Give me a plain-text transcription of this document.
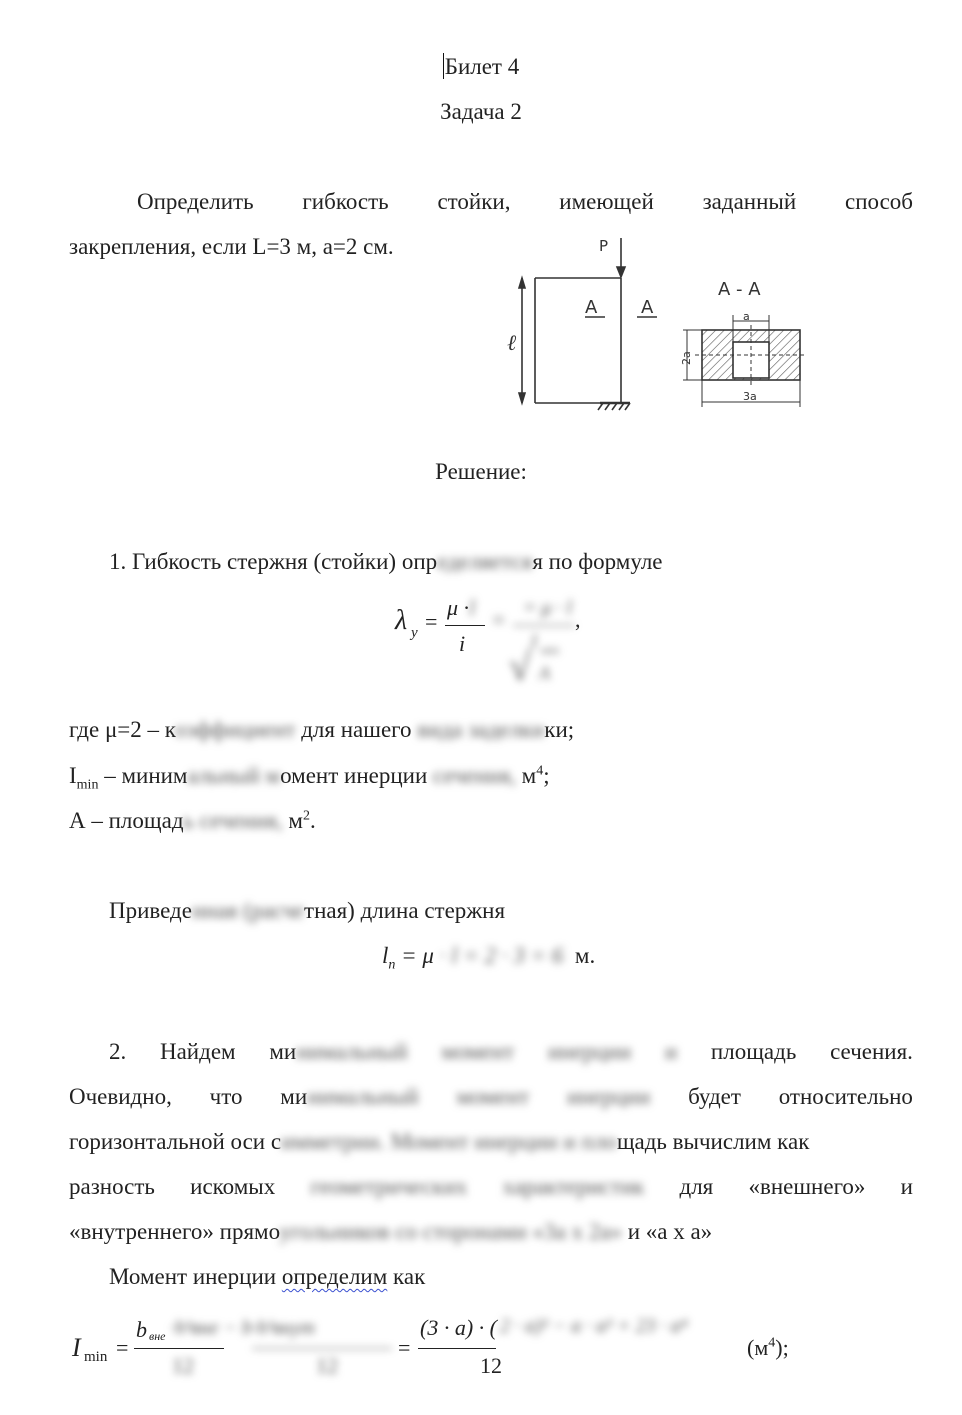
Билет 4
Задача 2
Определить гибкость стойки, имеющей заданный способ
закрепления, если L=3 м, а=2 см.	P
ℓ
A A
A - A
a
2a
3a
Решение:
1. Гибкость стержня (стойки) определяетсяя по формуле
λ y =
μ · l
i
= = μ · l
√
I min
A
,
где μ=2 – коэффициент для нашего вида заделкики;
$I_{min}$ – минимальный момент инерции сечения, $м^4$;
А – площадь сечения, $м^2$.
Приведенная (расчетная) длина стержня
$l_n = \mu \cdot l = 2 \cdot 3 = 6$ м.
2. Найдем минимальный момент инерции и площадь сечения.
Очевидно, что минимальный момент инерции будет относительно
горизонтальной оси симметрии. Момент инерции и площадь вычислим как
разность искомых геометрических характеристик для «внешнего» и
«внутреннего» прямоугольников со сторонами «3a x 2a» и «а х а»
Момент инерции определим как
I min =
b вне ·h³вне − b·h³внут
12	12
=
(3 · a) · (
12
2 · a)³ − a · a³ + 23 · a⁴
$(м^4)$;
